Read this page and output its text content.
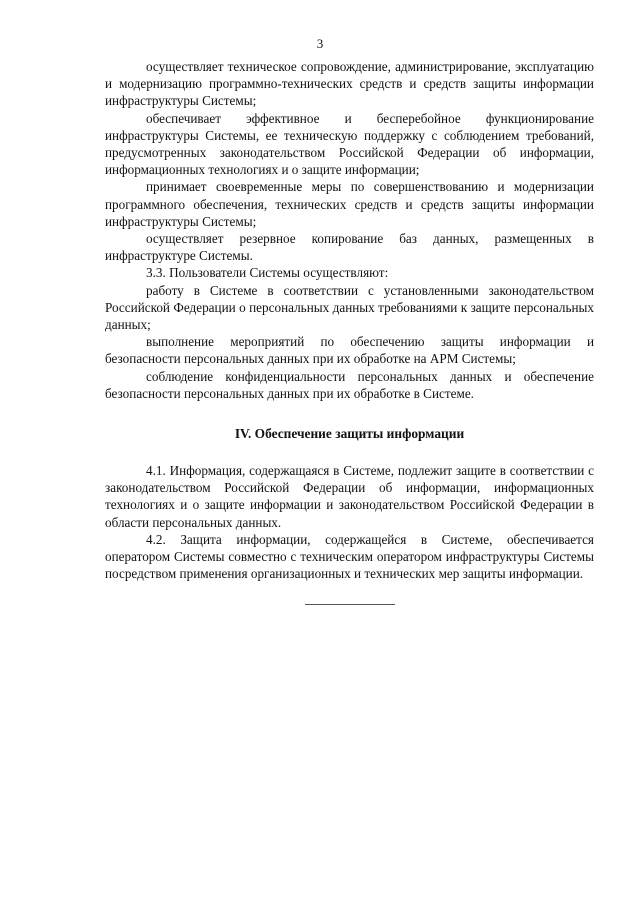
3

осуществляет техническое сопровождение, администрирование, эксплуатацию и модернизацию программно-технических средств и средств защиты информации инфраструктуры Системы;

обеспечивает эффективное и бесперебойное функционирование инфраструктуры Системы, ее техническую поддержку с соблюдением требований, предусмотренных законодательством Российской Федерации об информации, информационных технологиях и о защите информации;

принимает своевременные меры по совершенствованию и модернизации программного обеспечения, технических средств и средств защиты информации инфраструктуры Системы;

осуществляет резервное копирование баз данных, размещенных в инфраструктуре Системы.

3.3. Пользователи Системы осуществляют:

работу в Системе в соответствии с установленными законодательством Российской Федерации о персональных данных требованиями к защите персональных данных;

выполнение мероприятий по обеспечению защиты информации и безопасности персональных данных при их обработке на АРМ Системы;

соблюдение конфиденциальности персональных данных и обеспечение безопасности персональных данных при их обработке в Системе.

IV. Обеспечение защиты информации

4.1. Информация, содержащаяся в Системе, подлежит защите в соответствии с законодательством Российской Федерации об информации, информационных технологиях и о защите информации и законодательством Российской Федерации в области персональных данных.

4.2. Защита информации, содержащейся в Системе, обеспечивается оператором Системы совместно с техническим оператором инфраструктуры Системы посредством применения организационных и технических мер защиты информации.
